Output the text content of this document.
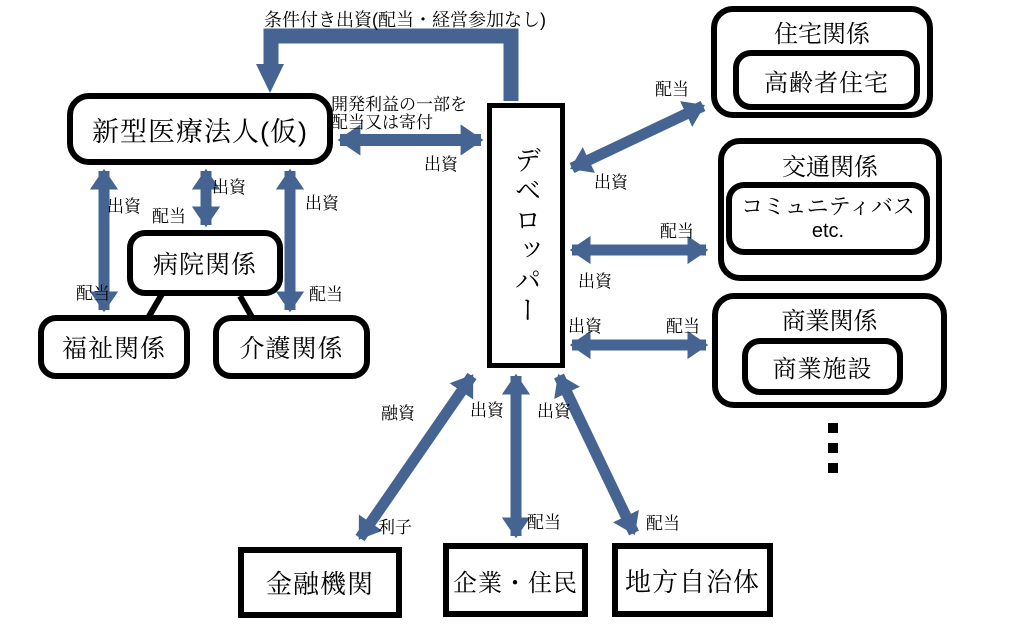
新型医療法人(仮)
病院関係
福祉関係	介護関係
デベロッパー
住宅関係
高齢者住宅
交通関係
コミュニティバス
etc.
商業関係
商業施設
金融機関	企業・住民 地方自治体
条件付き出資(配当・経営参加なし)
開発利益の一部を
配当又は寄付
出資
出資
配当
出資
配当
出資
配当
配当
出資
配当
出資
出資	配当
融資
利子
出資
配当
出資
配当
